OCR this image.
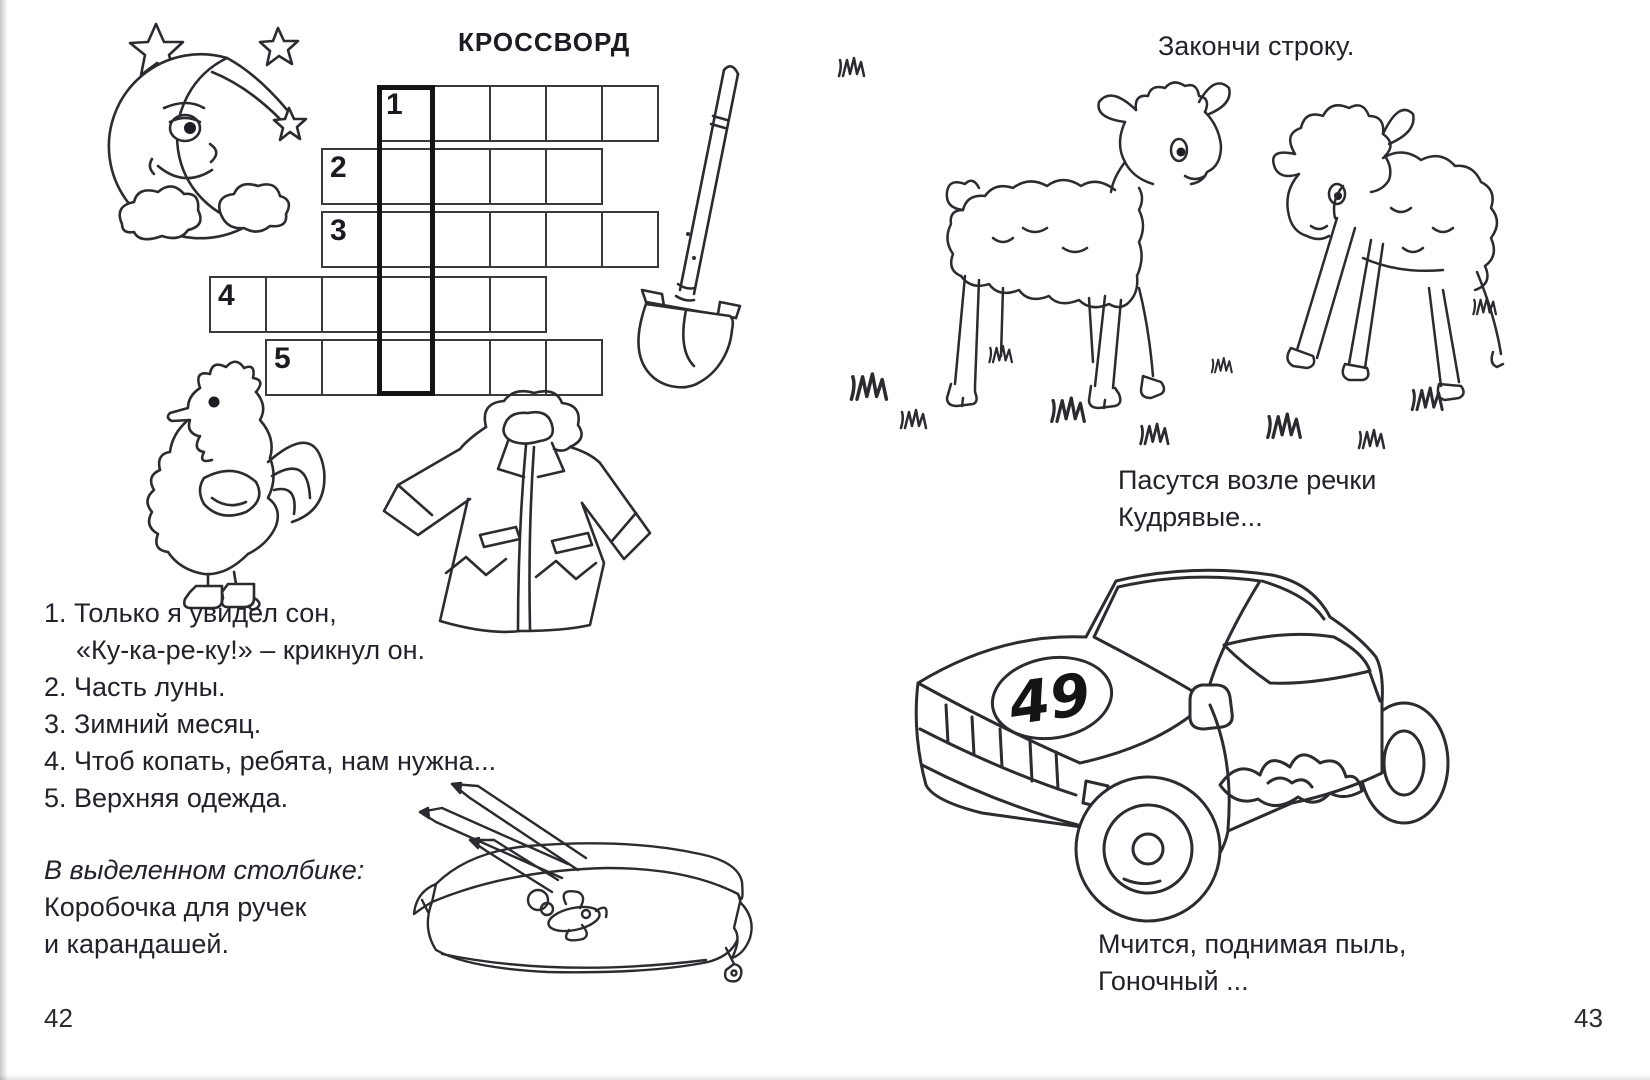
КРОССВОРД
1
2
3
4
5
1. Только я увидел сон,
«Ку-ка-ре-ку!» – крикнул он.
2. Часть луны.
3. Зимний месяц.
4. Чтоб копать, ребята, нам нужна...
5. Верхняя одежда.
В выделенном столбике:
Коробочка для ручек
и карандашей.
42
Закончи строку.
Пасутся возле речки
Кудрявые...
49
Мчится, поднимая пыль,
Гоночный ...
43
